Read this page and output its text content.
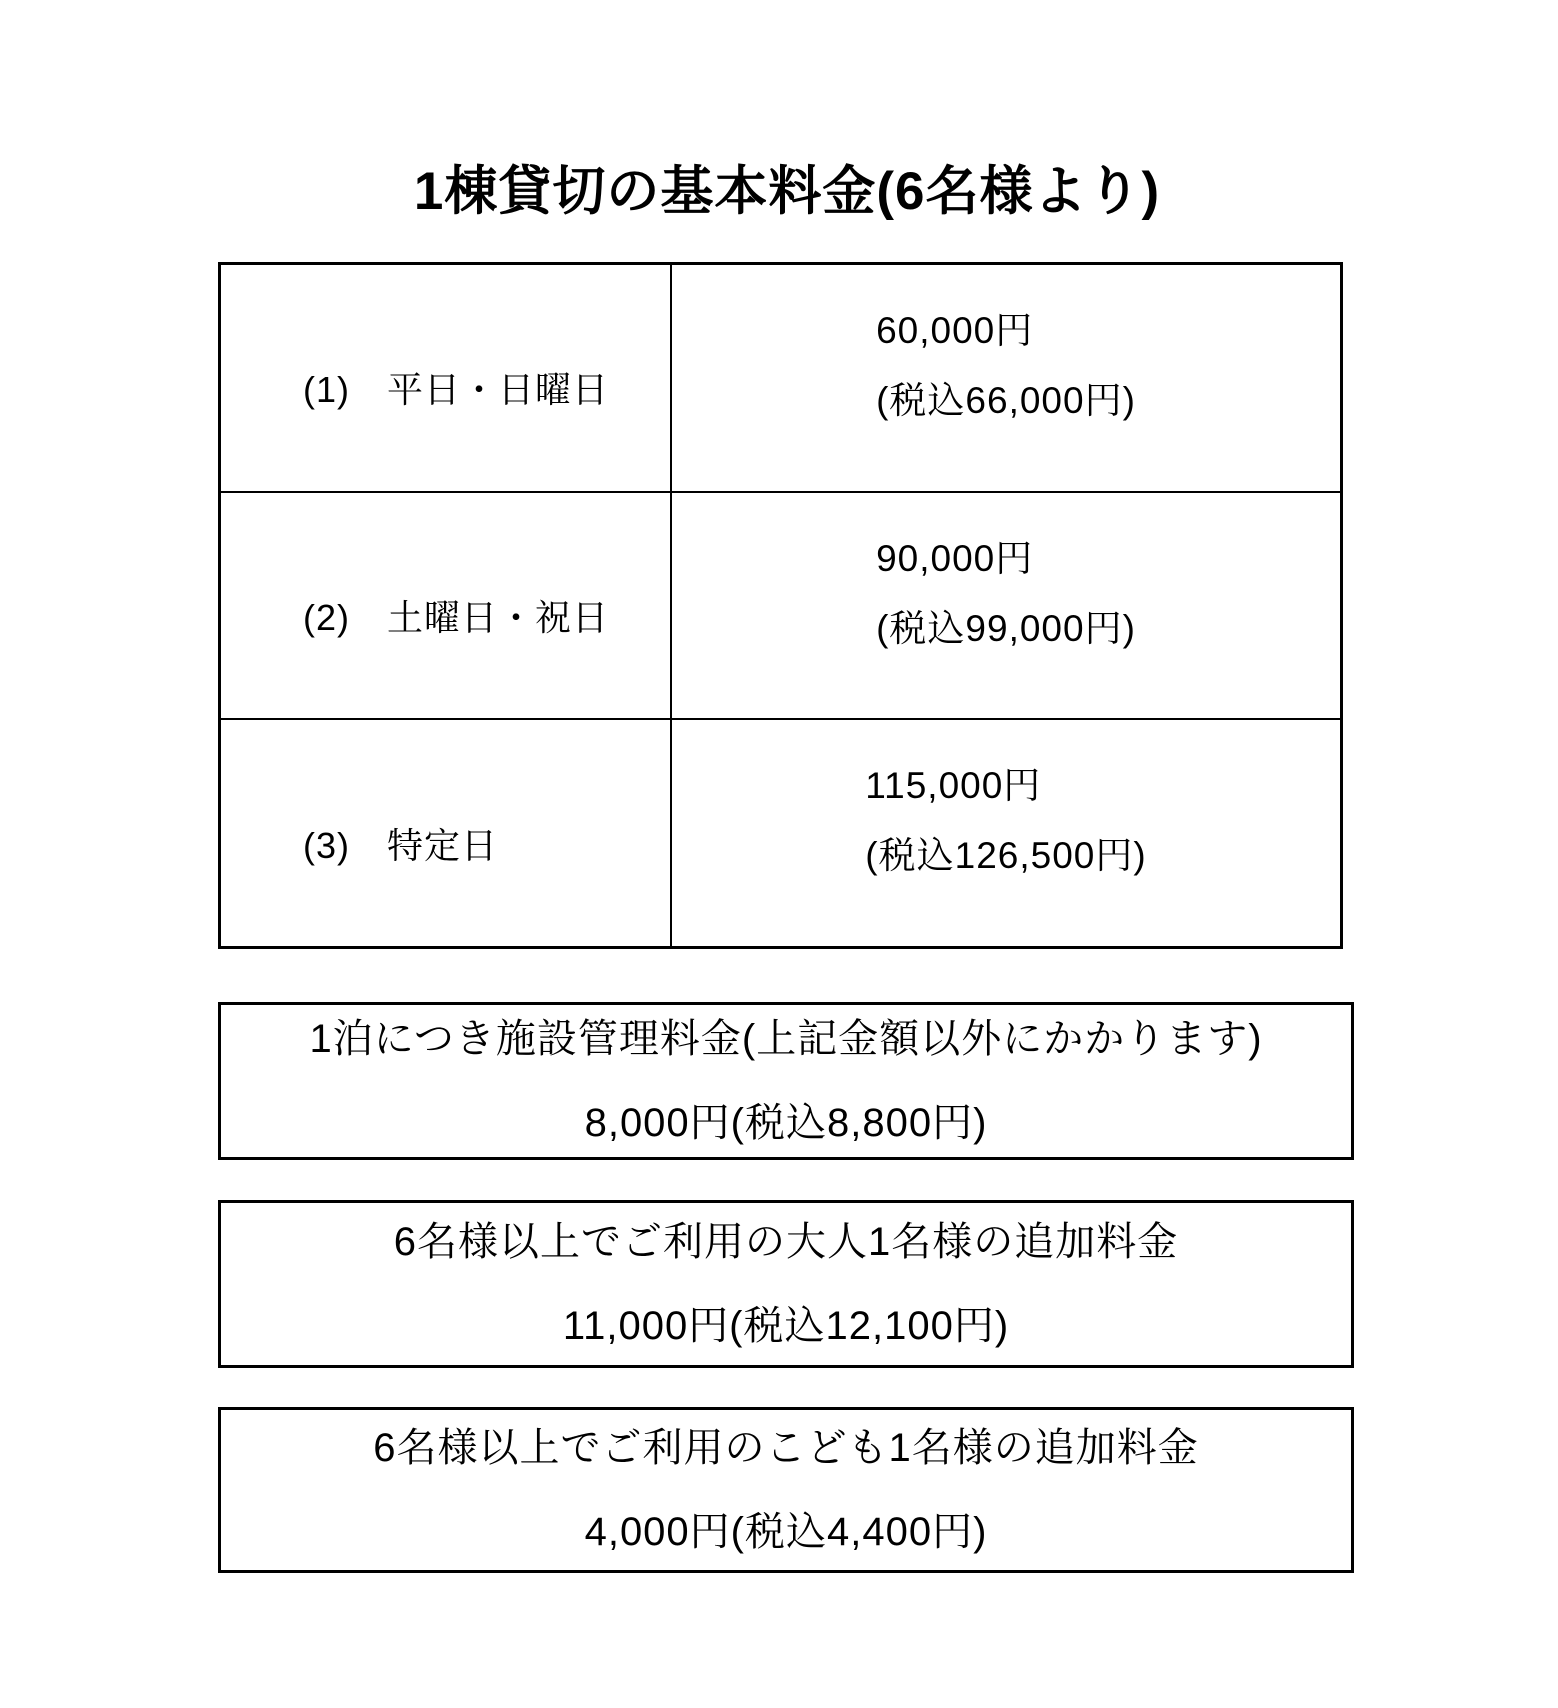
1棟貸切の基本料金(6名様より)
(1)　平日・日曜日
60,000円
(税込66,000円)
(2)　土曜日・祝日
90,000円
(税込99,000円)
(3)　特定日
115,000円
(税込126,500円)
1泊につき施設管理料金(上記金額以外にかかります)
8,000円(税込8,800円)
6名様以上でご利用の大人1名様の追加料金
11,000円(税込12,100円)
6名様以上でご利用のこども1名様の追加料金
4,000円(税込4,400円)
